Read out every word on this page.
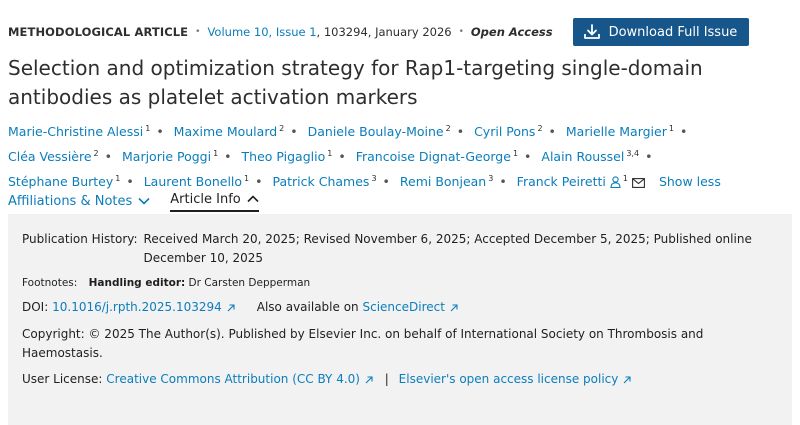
METHODOLOGICAL ARTICLE • Volume 10, Issue 1 , 103294, January 2026 • Open Access	Download Full Issue
Selection and optimization strategy for Rap1-targeting single-domain antibodies as platelet activation markers
Marie-Christine Alessi $^1$ • Maxime Moulard $^2$ • Daniele Boulay-Moine $^2$ • Cyril Pons $^2$ • Marielle Margier $^1$ • Cléa Vessière $^2$ • Marjorie Poggi $^1$ • Theo Pigaglio $^1$ • Francoise Dignat-George $^1$ • Alain Roussel $^{3,4}$ • Stéphane Burtey $^1$ • Laurent Bonello $^1$ • Patrick Chames $^3$ • Remi Bonjean $^3$ • Franck Peiretti $^1$ Show less
Affiliations & Notes	Article Info
Publication History: Received March 20, 2025; Revised November 6, 2025; Accepted December 5, 2025; Published online December 10, 2025
Footnotes: Handling editor: Dr Carsten Depperman
DOI:
10.1016/j.rpth.2025.103294	Also available on
ScienceDirect
Copyright: © 2025 The Author(s). Published by Elsevier Inc. on behalf of International Society on Thrombosis and Haemostasis.
User License: Creative Commons Attribution (CC BY 4.0) | Elsevier's open access license policy
